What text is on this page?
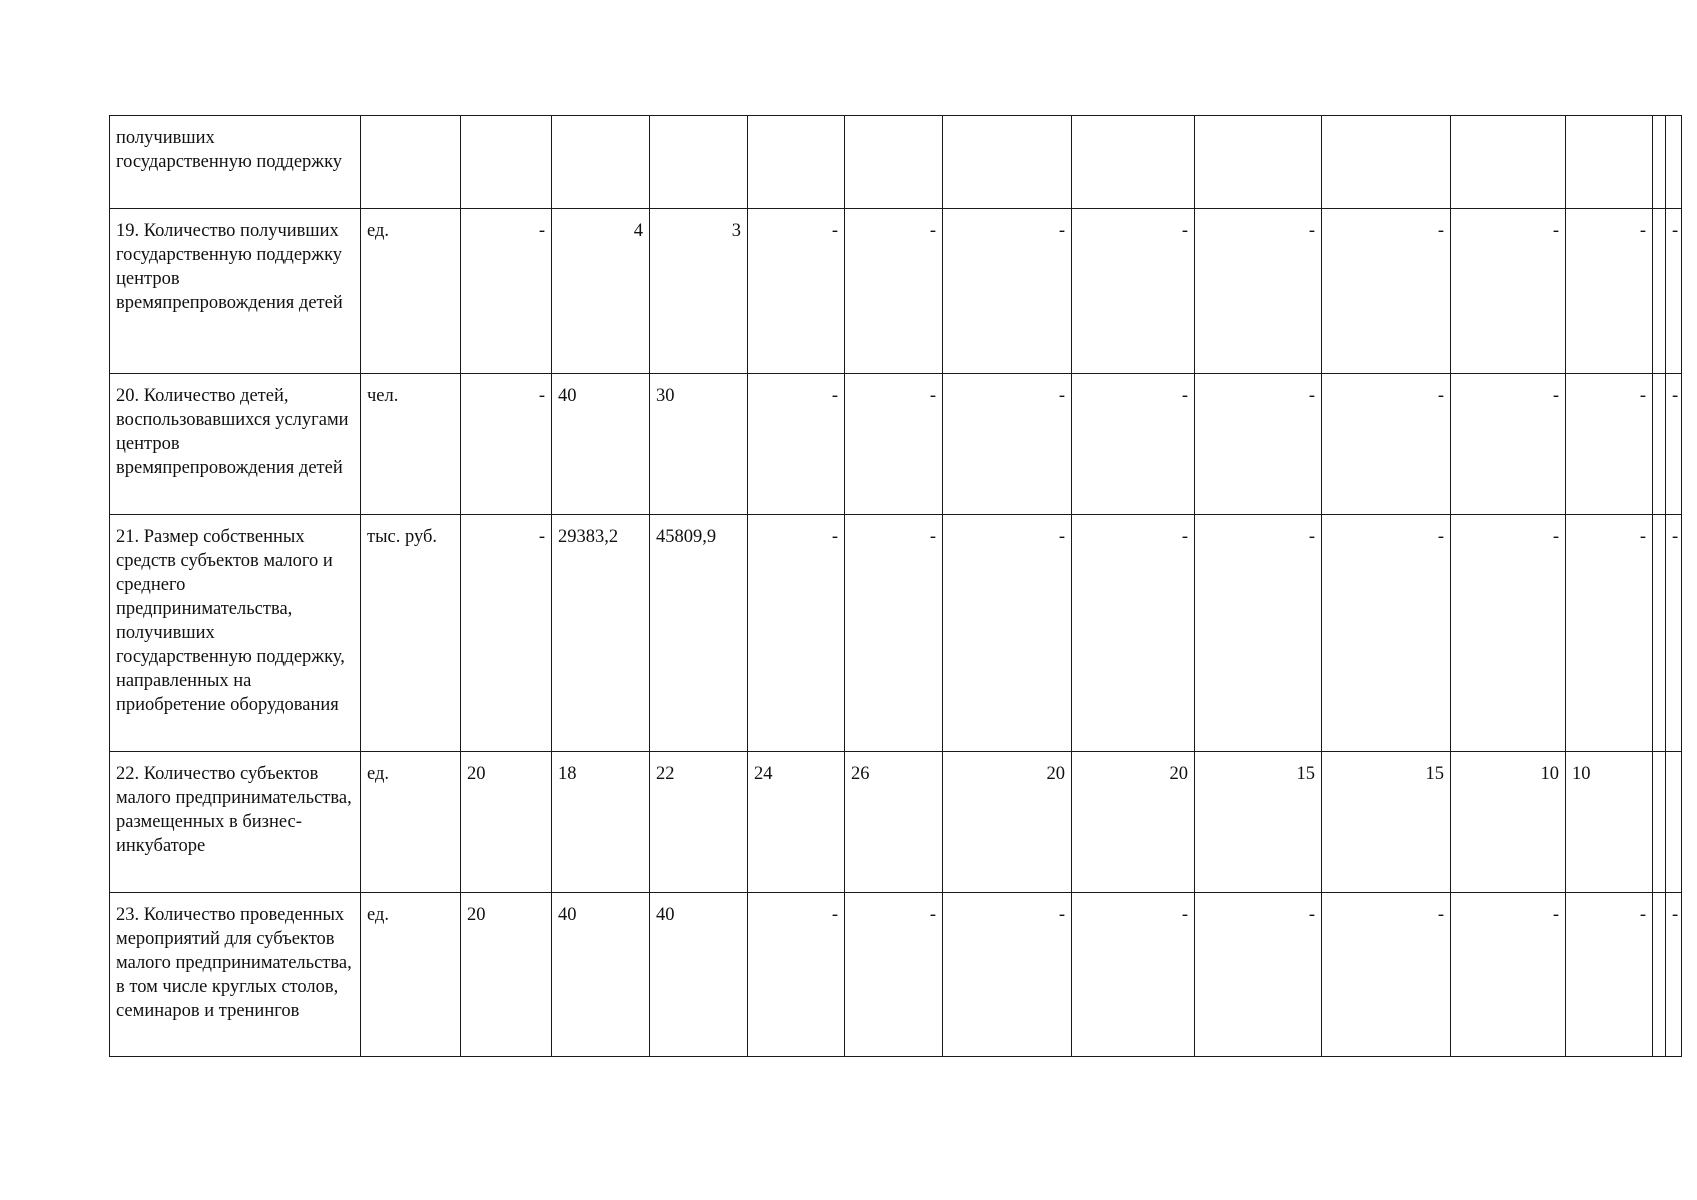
получивших государственную поддержку														
19. Количество получивших государственную поддержку центров времяпрепровождения детей	ед.	-	4	3	-	-	-	-	-	-	-	-		-
20. Количество детей, воспользовавшихся услугами центров времяпрепровождения детей	чел.	-	40	30	-	-	-	-	-	-	-	-		-
21. Размер собственных средств субъектов малого и среднего предпринимательства, получивших государственную поддержку, направленных на приобретение оборудования	тыс. руб.	-	29383,2	45809,9	-	-	-	-	-	-	-	-		-
22. Количество субъектов малого предпринимательства, размещенных в бизнес-инкубаторе	ед.	20	18	22	24	26	20	20	15	15	10	10		
23. Количество проведенных мероприятий для субъектов малого предпринимательства, в том числе круглых столов, семинаров и тренингов	ед.	20	40	40	-	-	-	-	-	-	-	-		-
